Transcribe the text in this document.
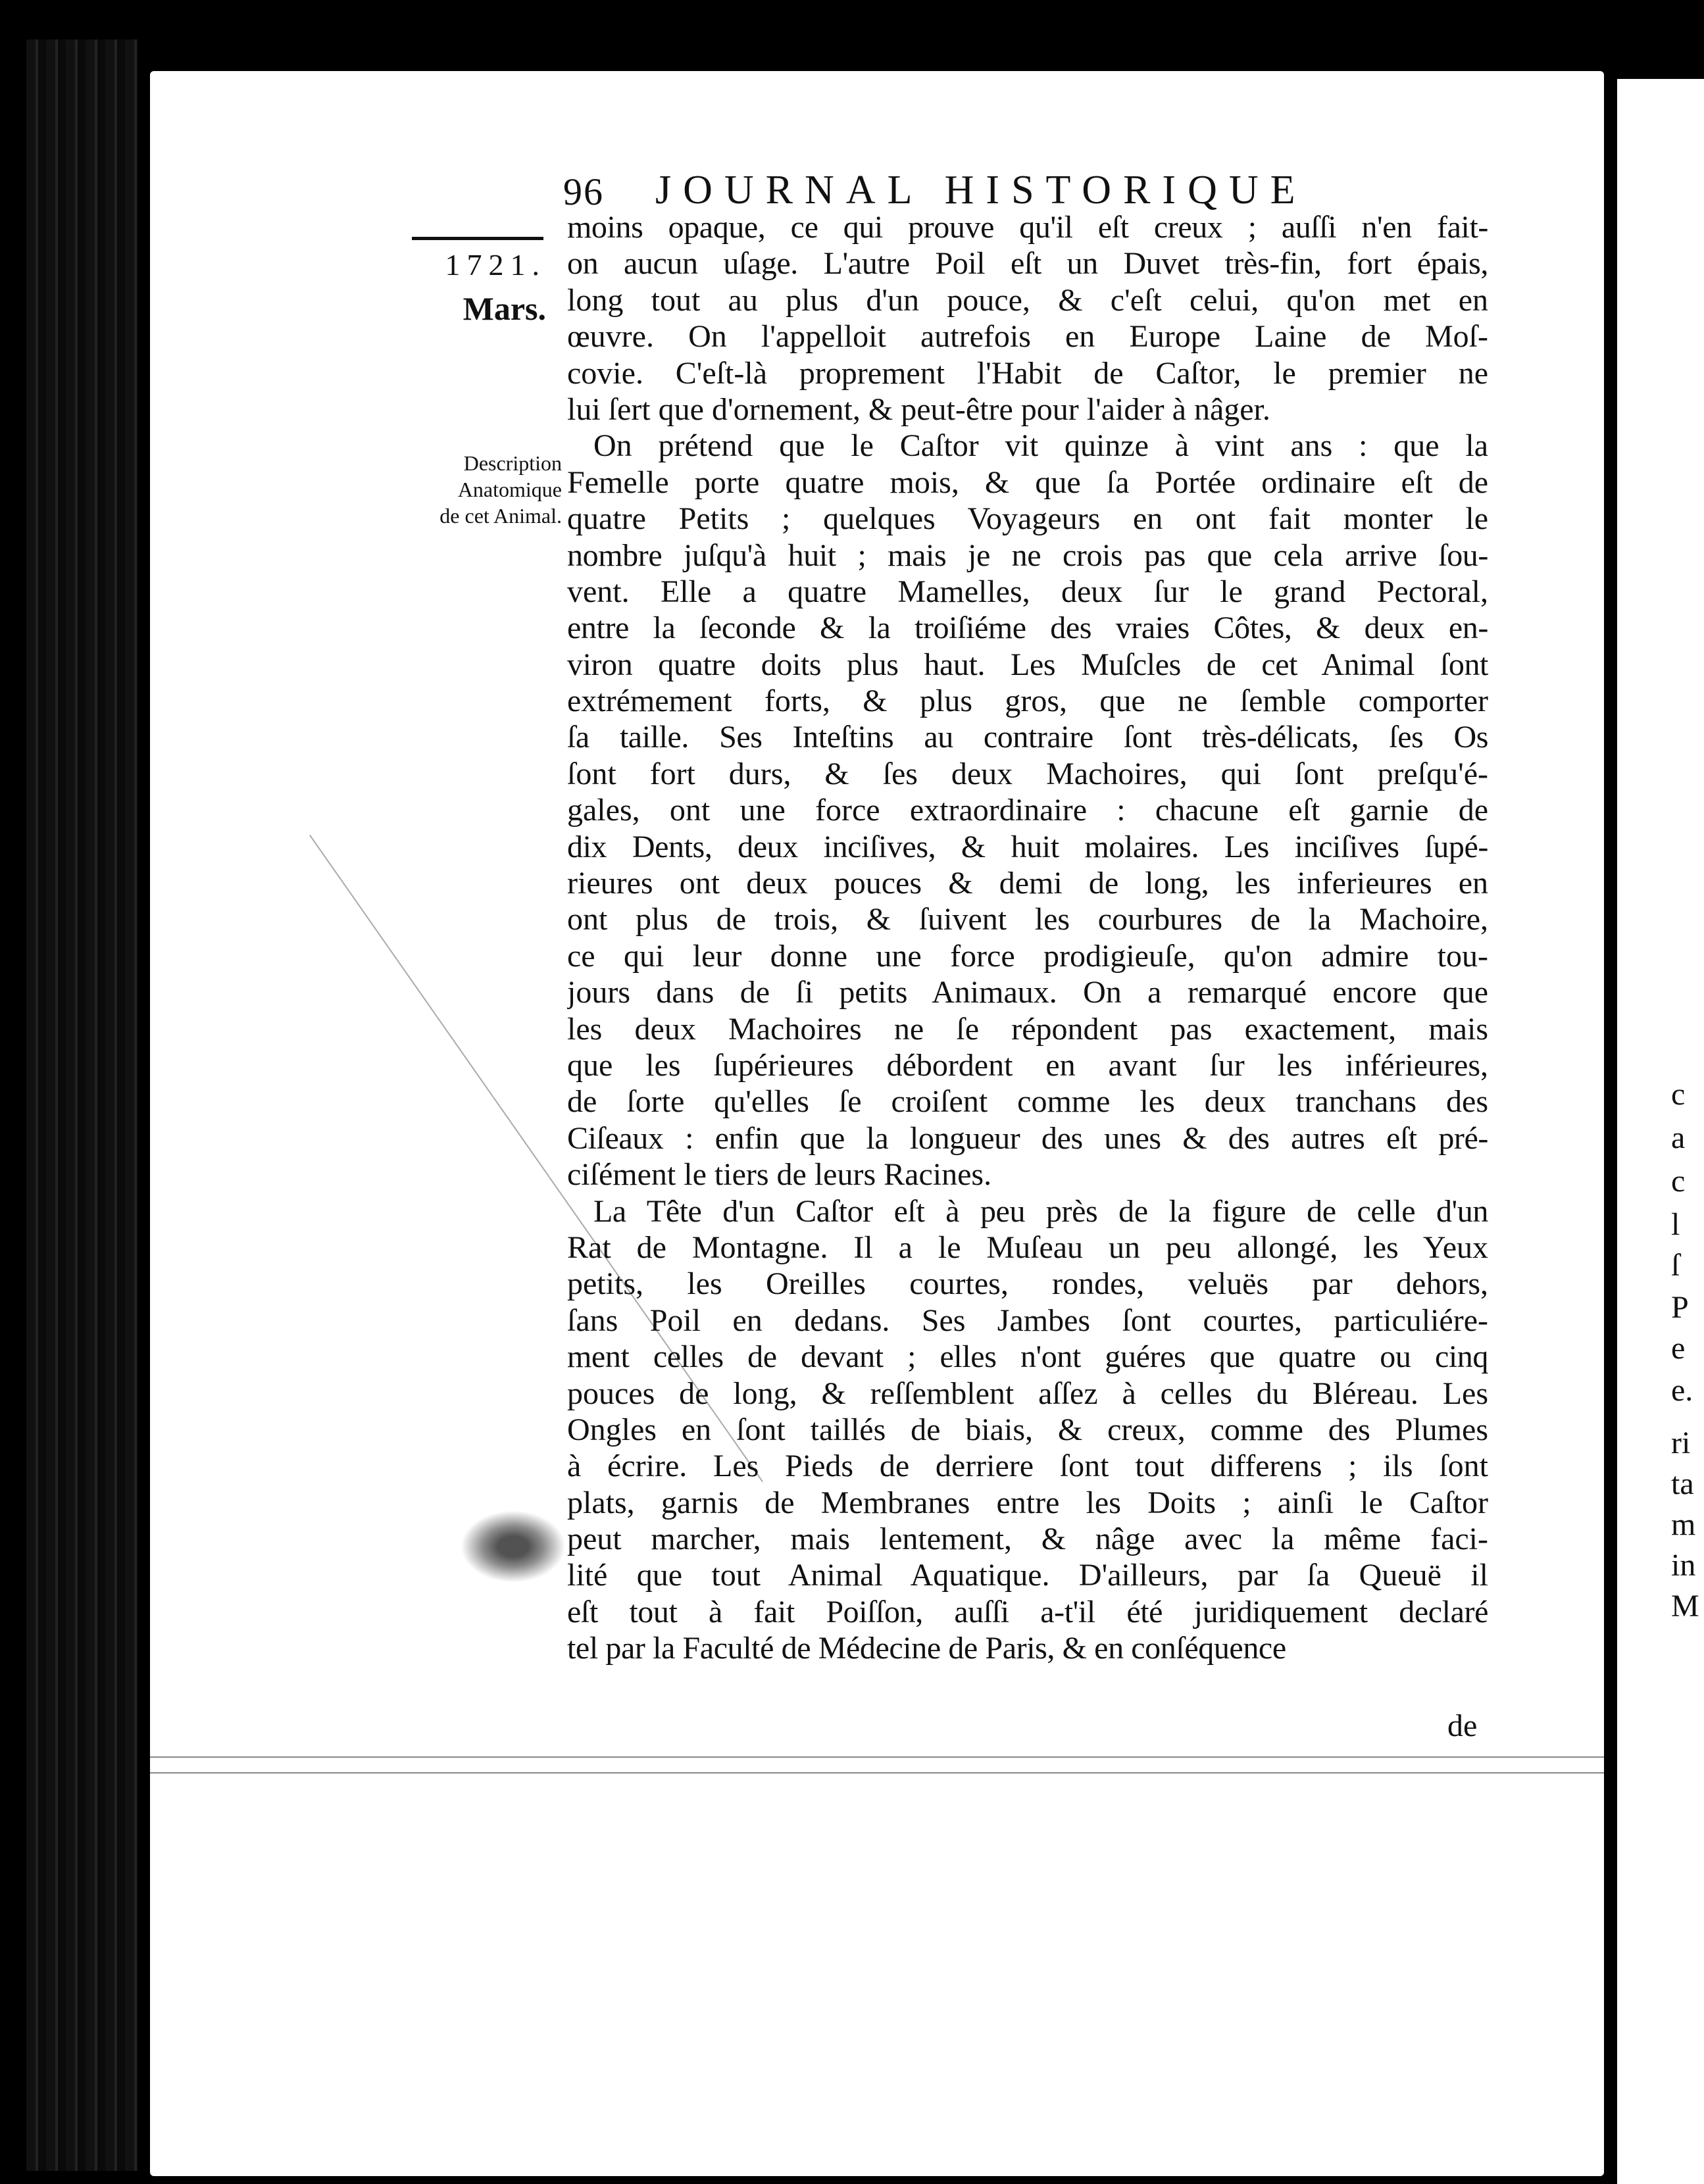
c
a
c
l
ſ
P
e
e.
ri
ta
m
in
M
96 JOURNAL HISTORIQUE
1721.
Mars.
Description
Anatomique
de cet Animal.
moins opaque, ce qui prouve qu'il eſt creux ; auſſi n'en fait-
on aucun uſage. L'autre Poil eſt un Duvet très-fin, fort épais,
long tout au plus d'un pouce, & c'eſt celui, qu'on met en
œuvre. On l'appelloit autrefois en Europe Laine de Moſ-
covie. C'eſt-là proprement l'Habit de Caſtor, le premier ne
lui ſert que d'ornement, & peut-être pour l'aider à nâger.
On prétend que le Caſtor vit quinze à vint ans : que la
Femelle porte quatre mois, & que ſa Portée ordinaire eſt de
quatre Petits ; quelques Voyageurs en ont fait monter le
nombre juſqu'à huit ; mais je ne crois pas que cela arrive ſou-
vent. Elle a quatre Mamelles, deux ſur le grand Pectoral,
entre la ſeconde & la troiſiéme des vraies Côtes, & deux en-
viron quatre doits plus haut. Les Muſcles de cet Animal ſont
extrémement forts, & plus gros, que ne ſemble comporter
ſa taille. Ses Inteſtins au contraire ſont très-délicats, ſes Os
ſont fort durs, & ſes deux Machoires, qui ſont preſqu'é-
gales, ont une force extraordinaire : chacune eſt garnie de
dix Dents, deux inciſives, & huit molaires. Les inciſives ſupé-
rieures ont deux pouces & demi de long, les inferieures en
ont plus de trois, & ſuivent les courbures de la Machoire,
ce qui leur donne une force prodigieuſe, qu'on admire tou-
jours dans de ſi petits Animaux. On a remarqué encore que
les deux Machoires ne ſe répondent pas exactement, mais
que les ſupérieures débordent en avant ſur les inférieures,
de ſorte qu'elles ſe croiſent comme les deux tranchans des
Ciſeaux : enfin que la longueur des unes & des autres eſt pré-
ciſément le tiers de leurs Racines.
La Tête d'un Caſtor eſt à peu près de la figure de celle d'un
Rat de Montagne. Il a le Muſeau un peu allongé, les Yeux
petits, les Oreilles courtes, rondes, veluës par dehors,
ſans Poil en dedans. Ses Jambes ſont courtes, particuliére-
ment celles de devant ; elles n'ont guéres que quatre ou cinq
pouces de long, & reſſemblent aſſez à celles du Bléreau. Les
Ongles en ſont taillés de biais, & creux, comme des Plumes
à écrire. Les Pieds de derriere ſont tout differens ; ils ſont
plats, garnis de Membranes entre les Doits ; ainſi le Caſtor
peut marcher, mais lentement, & nâge avec la même faci-
lité que tout Animal Aquatique. D'ailleurs, par ſa Queuë il
eſt tout à fait Poiſſon, auſſi a-t'il été juridiquement declaré
tel par la Faculté de Médecine de Paris, & en conſéquence
de
